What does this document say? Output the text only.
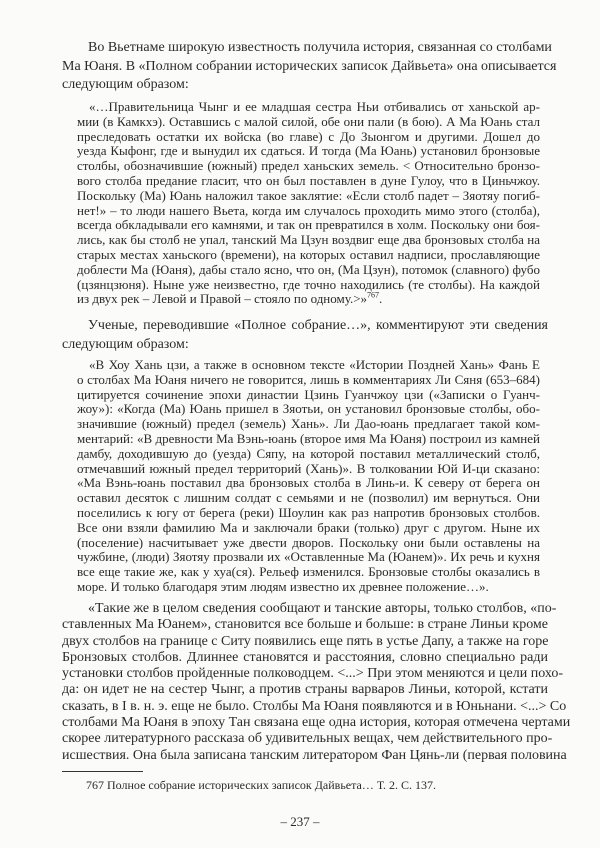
Во Вьетнаме широкую известность получила история, связанная со столбами
Ма Юаня. В «Полном собрании исторических записок Дайвьета» она описывается
следующим образом:
«…Правительница Чынг и ее младшая сестра Ньи отбивались от ханьской ар-
мии (в Камкхэ). Оставшись с малой силой, обе они пали (в бою). А Ма Юань стал
преследовать остатки их войска (во главе) с До Зыонгом и другими. Дошел до
уезда Кыфонг, где и вынудил их сдаться. И тогда (Ма Юань) установил бронзовые
столбы, обозначившие (южный) предел ханьских земель. < Относительно бронзо-
вого столба предание гласит, что он был поставлен в дуне Гулоу, что в Циньчжоу.
Поскольку (Ма) Юань наложил такое заклятие: «Если столб падет – Зяотяу погиб-
нет!» – то люди нашего Вьета, когда им случалось проходить мимо этого (столба),
всегда обкладывали его камнями, и так он превратился в холм. Поскольку они боя-
лись, как бы столб не упал, танский Ма Цзун воздвиг еще два бронзовых столба на
старых местах ханьского (времени), на которых оставил надписи, прославляющие
доблести Ма (Юаня), дабы стало ясно, что он, (Ма Цзун), потомок (славного) фубо
(цзянцзюня). Ныне уже неизвестно, где точно находились (те столбы). На каждой
из двух рек – Левой и Правой – стояло по одному.>»$^{767}$.
Ученые, переводившие «Полное собрание…», комментируют эти сведения
следующим образом:
«В Хоу Хань цзи, а также в основном тексте «Истории Поздней Хань» Фань Е
о столбах Ма Юаня ничего не говорится, лишь в комментариях Ли Сяня (653–684)
цитируется сочинение эпохи династии Цзинь Гуанчжоу цзи («Записки о Гуанч-
жоу»): «Когда (Ма) Юань пришел в Зяотьи, он установил бронзовые столбы, обо-
значившие (южный) предел (земель) Хань». Ли Дао-юань предлагает такой ком-
ментарий: «В древности Ма Вэнь-юань (второе имя Ма Юаня) построил из камней
дамбу, доходившую до (уезда) Сяпу, на которой поставил металлический столб,
отмечавший южный предел территорий (Хань)». В толковании Юй И-ци сказано:
«Ма Вэнь-юань поставил два бронзовых столба в Линь-и. К северу от берега он
оставил десяток с лишним солдат с семьями и не (позволил) им вернуться. Они
поселились к югу от берега (реки) Шоулин как раз напротив бронзовых столбов.
Все они взяли фамилию Ма и заключали браки (только) друг с другом. Ныне их
(поселение) насчитывает уже двести дворов. Поскольку они были оставлены на
чужбине, (люди) Зяотяу прозвали их «Оставленные Ма (Юанем)». Их речь и кухня
все еще такие же, как у хуа(ся). Рельеф изменился. Бронзовые столбы оказались в
море. И только благодаря этим людям известно их древнее положение…».
«Такие же в целом сведения сообщают и танские авторы, только столбов, «по-
ставленных Ма Юанем», становится все больше и больше: в стране Линьи кроме
двух столбов на границе с Ситу появились еще пять в устье Дапу, а также на горе
Бронзовых столбов. Длиннее становятся и расстояния, словно специально ради
установки столбов пройденные полководцем. <...> При этом меняются и цели похо-
да: он идет не на сестер Чынг, а против страны варваров Линьи, которой, кстати
сказать, в I в. н. э. еще не было. Столбы Ма Юаня появляются и в Юньнани. <...> Со
столбами Ма Юаня в эпоху Тан связана еще одна история, которая отмечена чертами
скорее литературного рассказа об удивительных вещах, чем действительного про-
исшествия. Она была записана танским литератором Фан Цянь-ли (первая половина
767 Полное собрание исторических записок Дайвьета… Т. 2. С. 137.
– 237 –
